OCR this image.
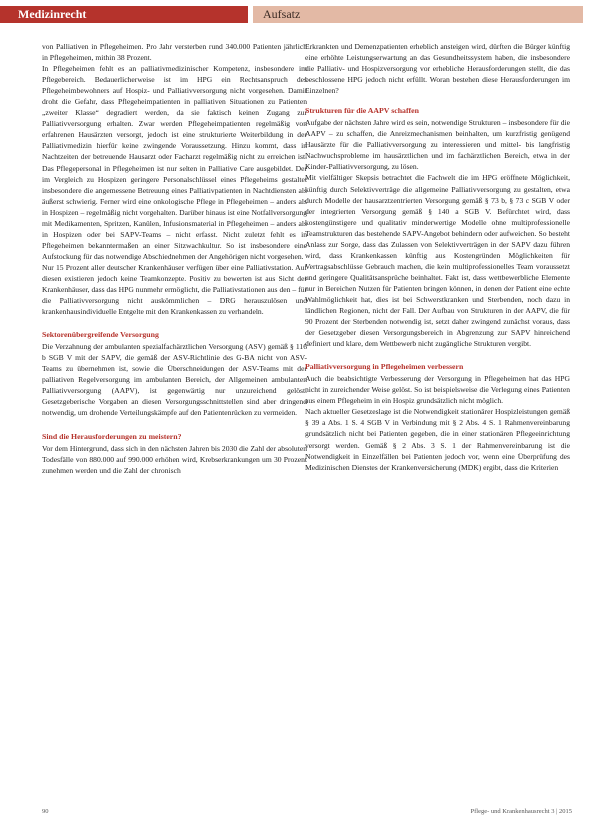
Medizinrecht	Aufsatz

von Palliativen in Pflegeheimen. Pro Jahr versterben rund 340.000 Patienten jährlich in Pflegeheimen, mithin 38 Prozent.

In Pflegeheimen fehlt es an palliativmedizinischer Kompetenz, insbesondere im Pflegebereich. Bedauerlicherweise ist im HPG ein Rechtsanspruch des Pflegeheimbewohners auf Hospiz- und Palliativversorgung nicht vorgesehen. Damit droht die Gefahr, dass Pflegeheimpatienten in palliativen Situationen zu Patienten „zweiter Klasse“ degradiert werden, da sie faktisch keinen Zugang zur Palliativversorgung erhalten. Zwar werden Pflegeheimpatienten regelmäßig von erfahrenen Hausärzten versorgt, jedoch ist eine strukturierte Weiterbildung in der Palliativmedizin hierfür keine zwingende Voraussetzung. Hinzu kommt, dass in Nachtzeiten der betreuende Hausarzt oder Facharzt regelmäßig nicht zu erreichen ist. Das Pflegepersonal in Pflegeheimen ist nur selten in Palliative Care ausgebildet. Der im Vergleich zu Hospizen geringere Personalschlüssel eines Pflegeheims gestaltet insbesondere die angemessene Betreuung eines Palliativpatienten in Nachtdiensten als äußerst schwierig. Ferner wird eine onkologische Pflege in Pflegeheimen – anders als in Hospizen – regelmäßig nicht vorgehalten. Darüber hinaus ist eine Notfallversorgung mit Medikamenten, Spritzen, Kanülen, Infusionsmaterial in Pflegeheimen – anders als in Hospizen oder bei SAPV-Teams – nicht erfasst. Nicht zuletzt fehlt es in Pflegeheimen bekanntermaßen an einer Sitzwachkultur. So ist insbesondere eine Aufstockung für das notwendige Abschiednehmen der Angehörigen nicht vorgesehen.

Nur 15 Prozent aller deutscher Krankenhäuser verfügen über eine Palliativstation. Auf diesen existieren jedoch keine Teamkonzepte. Positiv zu bewerten ist aus Sicht der Krankenhäuser, dass das HPG nunmehr ermöglicht, die Palliativstationen aus den – für die Palliativversorgung nicht auskömmlichen – DRG herauszulösen und krankenhausindividuelle Entgelte mit den Krankenkassen zu verhandeln.

Sektorenübergreifende Versorgung

Die Verzahnung der ambulanten spezialfachärztlichen Versorgung (ASV) gemäß § 116 b SGB V mit der SAPV, die gemäß der ASV-Richtlinie des G-BA nicht von ASV-Teams zu übernehmen ist, sowie die Überschneidungen der ASV-Teams mit der palliativen Regelversorgung im ambulanten Bereich, der Allgemeinen ambulanten Palliativversorgung (AAPV), ist gegenwärtig nur unzureichend gelöst. Gesetzgeberische Vorgaben an diesen Versorgungsschnittstellen sind aber dringend notwendig, um drohende Verteilungskämpfe auf den Patientenrücken zu vermeiden.

Sind die Herausforderungen zu meistern?

Vor dem Hintergrund, dass sich in den nächsten Jahren bis 2030 die Zahl der absoluten Todesfälle von 880.000 auf 990.000 erhöhen wird, Krebserkrankungen um 30 Prozent zunehmen werden und die Zahl der chronisch

Erkrankten und Demenzpatienten erheblich ansteigen wird, dürften die Bürger künftig eine erhöhte Leistungserwartung an das Gesundheitssystem haben, die insbesondere die Palliativ- und Hospizversorgung vor erhebliche Herausforderungen stellt, die das beschlossene HPG jedoch nicht erfüllt. Woran bestehen diese Herausforderungen im Einzelnen?

Strukturen für die AAPV schaffen

Aufgabe der nächsten Jahre wird es sein, notwendige Strukturen – insbesondere für die AAPV – zu schaffen, die Anreizmechanismen beinhalten, um kurzfristig genügend Hausärzte für die Palliativversorgung zu interessieren und mittel- bis langfristig Nachwuchsprobleme im hausärztlichen und im fachärztlichen Bereich, etwa in der Kinder-Palliativversorgung, zu lösen.

Mit vielfältiger Skepsis betrachtet die Fachwelt die im HPG eröffnete Möglichkeit, künftig durch Selektivverträge die allgemeine Palliativversorgung zu gestalten, etwa durch Modelle der hausarztzentrierten Versorgung gemäß § 73 b, § 73 c SGB V oder der integrierten Versorgung gemäß § 140 a SGB V. Befürchtet wird, dass kostengünstigere und qualitativ minderwertige Modelle ohne multiprofessionelle Teamstrukturen das bestehende SAPV-Angebot behindern oder aufweichen. So besteht Anlass zur Sorge, dass das Zulassen von Selektivverträgen in der SAPV dazu führen wird, dass Krankenkassen künftig aus Kostengründen Möglichkeiten für Vertragsabschlüsse Gebrauch machen, die kein multiprofessionelles Team voraussetzt und geringere Qualitätsansprüche beinhaltet. Fakt ist, dass wettbewerbliche Elemente nur in Bereichen Nutzen für Patienten bringen können, in denen der Patient eine echte Wahlmöglichkeit hat, dies ist bei Schwerstkranken und Sterbenden, noch dazu in ländlichen Regionen, nicht der Fall. Der Aufbau von Strukturen in der AAPV, die für 90 Prozent der Sterbenden notwendig ist, setzt daher zwingend zunächst voraus, dass der Gesetzgeber diesen Versorgungsbereich in Abgrenzung zur SAPV hinreichend definiert und klare, dem Wettbewerb nicht zugängliche Strukturen vergibt.

Palliativversorgung in Pflegeheimen verbessern

Auch die beabsichtigte Verbesserung der Versorgung in Pflegeheimen hat das HPG nicht in zureichender Weise gelöst. So ist beispielsweise die Verlegung eines Patienten aus einem Pflegeheim in ein Hospiz grundsätzlich nicht möglich.

Nach aktueller Gesetzeslage ist die Notwendigkeit stationärer Hospizleistungen gemäß § 39 a Abs. 1 S. 4 SGB V in Verbindung mit § 2 Abs. 4 S. 1 Rahmenvereinbarung grundsätzlich nicht bei Patienten gegeben, die in einer stationären Pflegeeinrichtung versorgt werden. Gemäß § 2 Abs. 3 S. 1 der Rahmenvereinbarung ist die Notwendigkeit in Einzelfällen bei Patienten jedoch vor, wenn eine Überprüfung des Medizinischen Dienstes der Krankenversicherung (MDK) ergibt, dass die Kriterien

90	Pflege- und Krankenhausrecht 3 | 2015
